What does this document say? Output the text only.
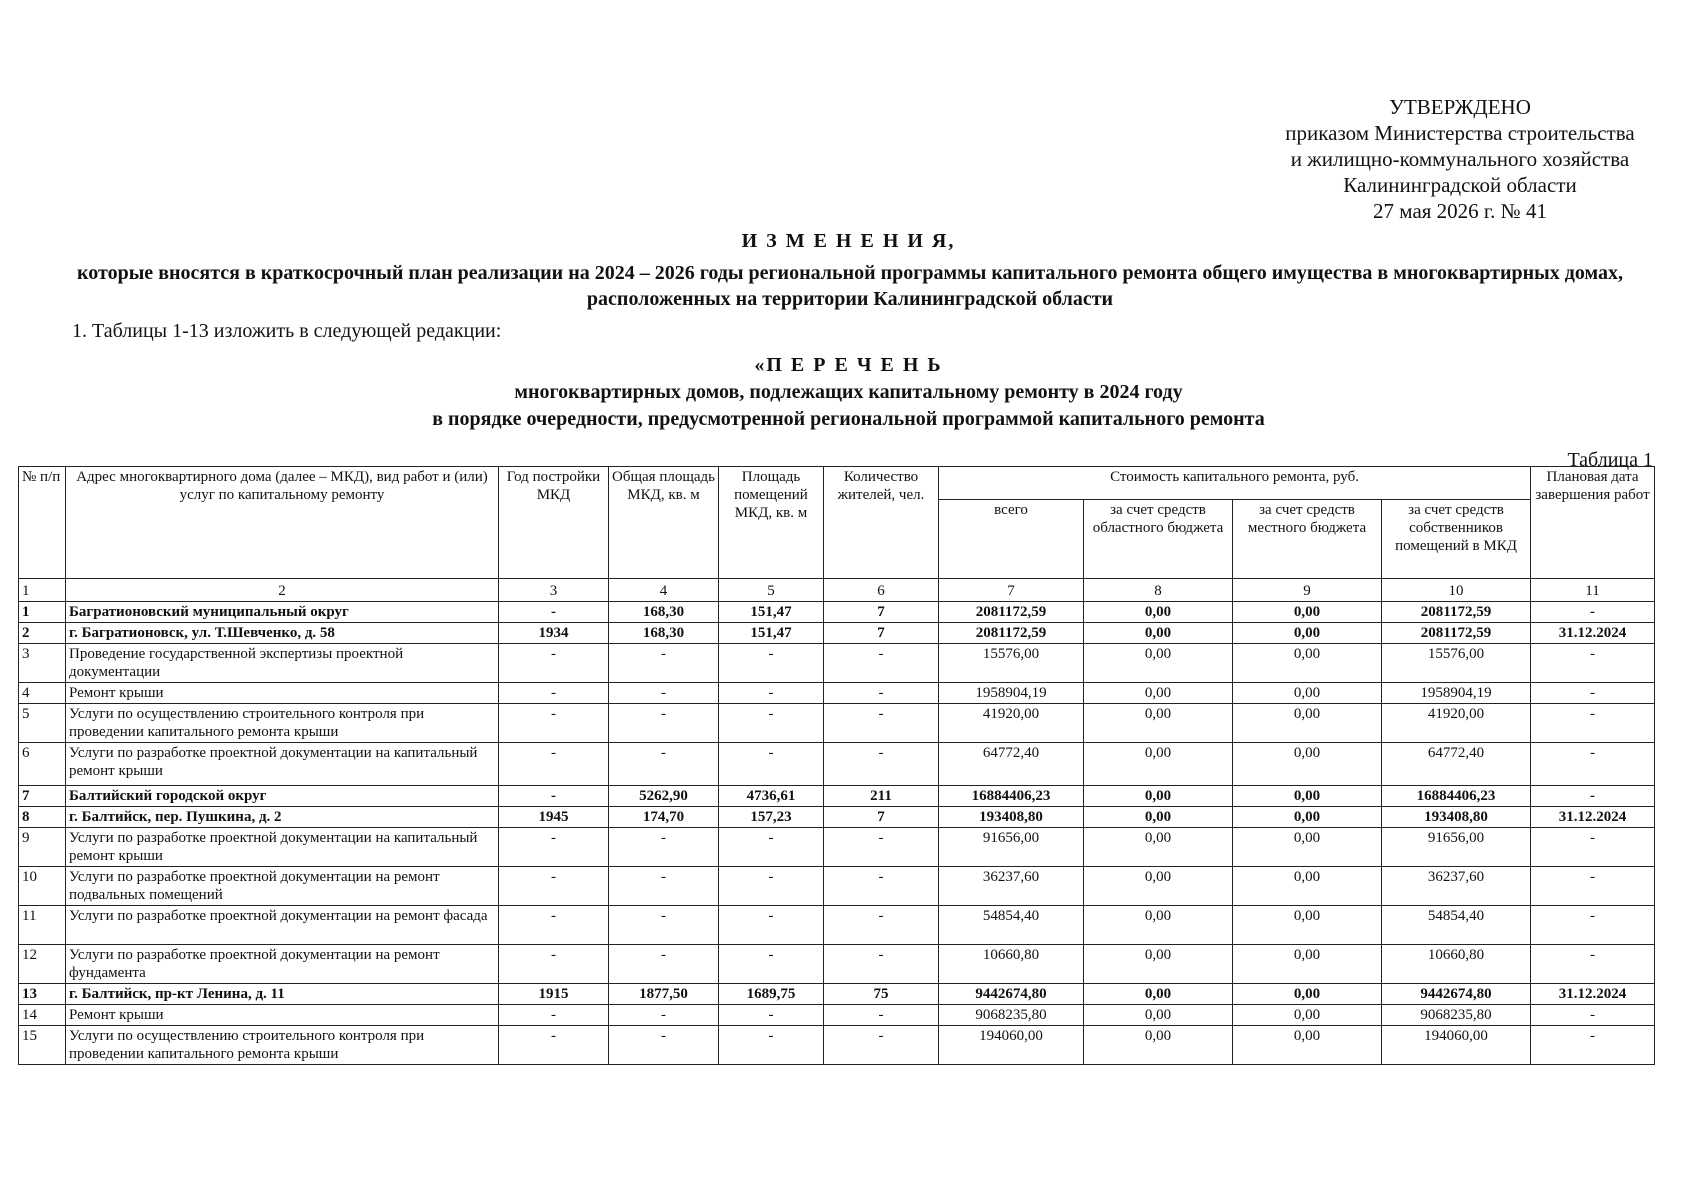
УТВЕРЖДЕНО
приказом Министерства строительства
и жилищно-коммунального хозяйства
Калининградской области
27 мая 2026 г. № 41
И З М Е Н Е Н И Я,
которые вносятся в краткосрочный план реализации на 2024 – 2026 годы региональной программы капитального ремонта общего имущества в многоквартирных домах, расположенных на территории Калининградской области
1. Таблицы 1-13 изложить в следующей редакции:
«П Е Р Е Ч Е Н Ь
многоквартирных домов, подлежащих капитальному ремонту в 2024 году
в порядке очередности, предусмотренной региональной программой капитального ремонта
Таблица 1
№ п/п	Адрес многоквартирного дома (далее – МКД), вид работ и (или) услуг по капитальному ремонту	Год постройки МКД	Общая площадь МКД, кв. м	Площадь помещений МКД, кв. м	Количество жителей, чел.	Стоимость капитального ремонта, руб.				Плановая дата завершения работ
						всего	за счет средств областного бюджета	за счет средств местного бюджета	за счет средств собственников помещений в МКД	
1	2	3	4	5	6	7	8	9	10	11
1	Багратионовский муниципальный округ	-	168,30	151,47	7	2081172,59	0,00	0,00	2081172,59	-
2	г. Багратионовск, ул. Т.Шевченко, д. 58	1934	168,30	151,47	7	2081172,59	0,00	0,00	2081172,59	31.12.2024
3	Проведение государственной экспертизы проектной документации	-	-	-	-	15576,00	0,00	0,00	15576,00	-
4	Ремонт крыши	-	-	-	-	1958904,19	0,00	0,00	1958904,19	-
5	Услуги по осуществлению строительного контроля при проведении капитального ремонта крыши	-	-	-	-	41920,00	0,00	0,00	41920,00	-
6	Услуги по разработке проектной документации на капитальный ремонт крыши	-	-	-	-	64772,40	0,00	0,00	64772,40	-
7	Балтийский городской округ	-	5262,90	4736,61	211	16884406,23	0,00	0,00	16884406,23	-
8	г. Балтийск, пер. Пушкина, д. 2	1945	174,70	157,23	7	193408,80	0,00	0,00	193408,80	31.12.2024
9	Услуги по разработке проектной документации на капитальный ремонт крыши	-	-	-	-	91656,00	0,00	0,00	91656,00	-
10	Услуги по разработке проектной документации на ремонт подвальных помещений	-	-	-	-	36237,60	0,00	0,00	36237,60	-
11	Услуги по разработке проектной документации на ремонт фасада	-	-	-	-	54854,40	0,00	0,00	54854,40	-
12	Услуги по разработке проектной документации на ремонт фундамента	-	-	-	-	10660,80	0,00	0,00	10660,80	-
13	г. Балтийск, пр-кт Ленина, д. 11	1915	1877,50	1689,75	75	9442674,80	0,00	0,00	9442674,80	31.12.2024
14	Ремонт крыши	-	-	-	-	9068235,80	0,00	0,00	9068235,80	-
15	Услуги по осуществлению строительного контроля при проведении капитального ремонта крыши	-	-	-	-	194060,00	0,00	0,00	194060,00	-
